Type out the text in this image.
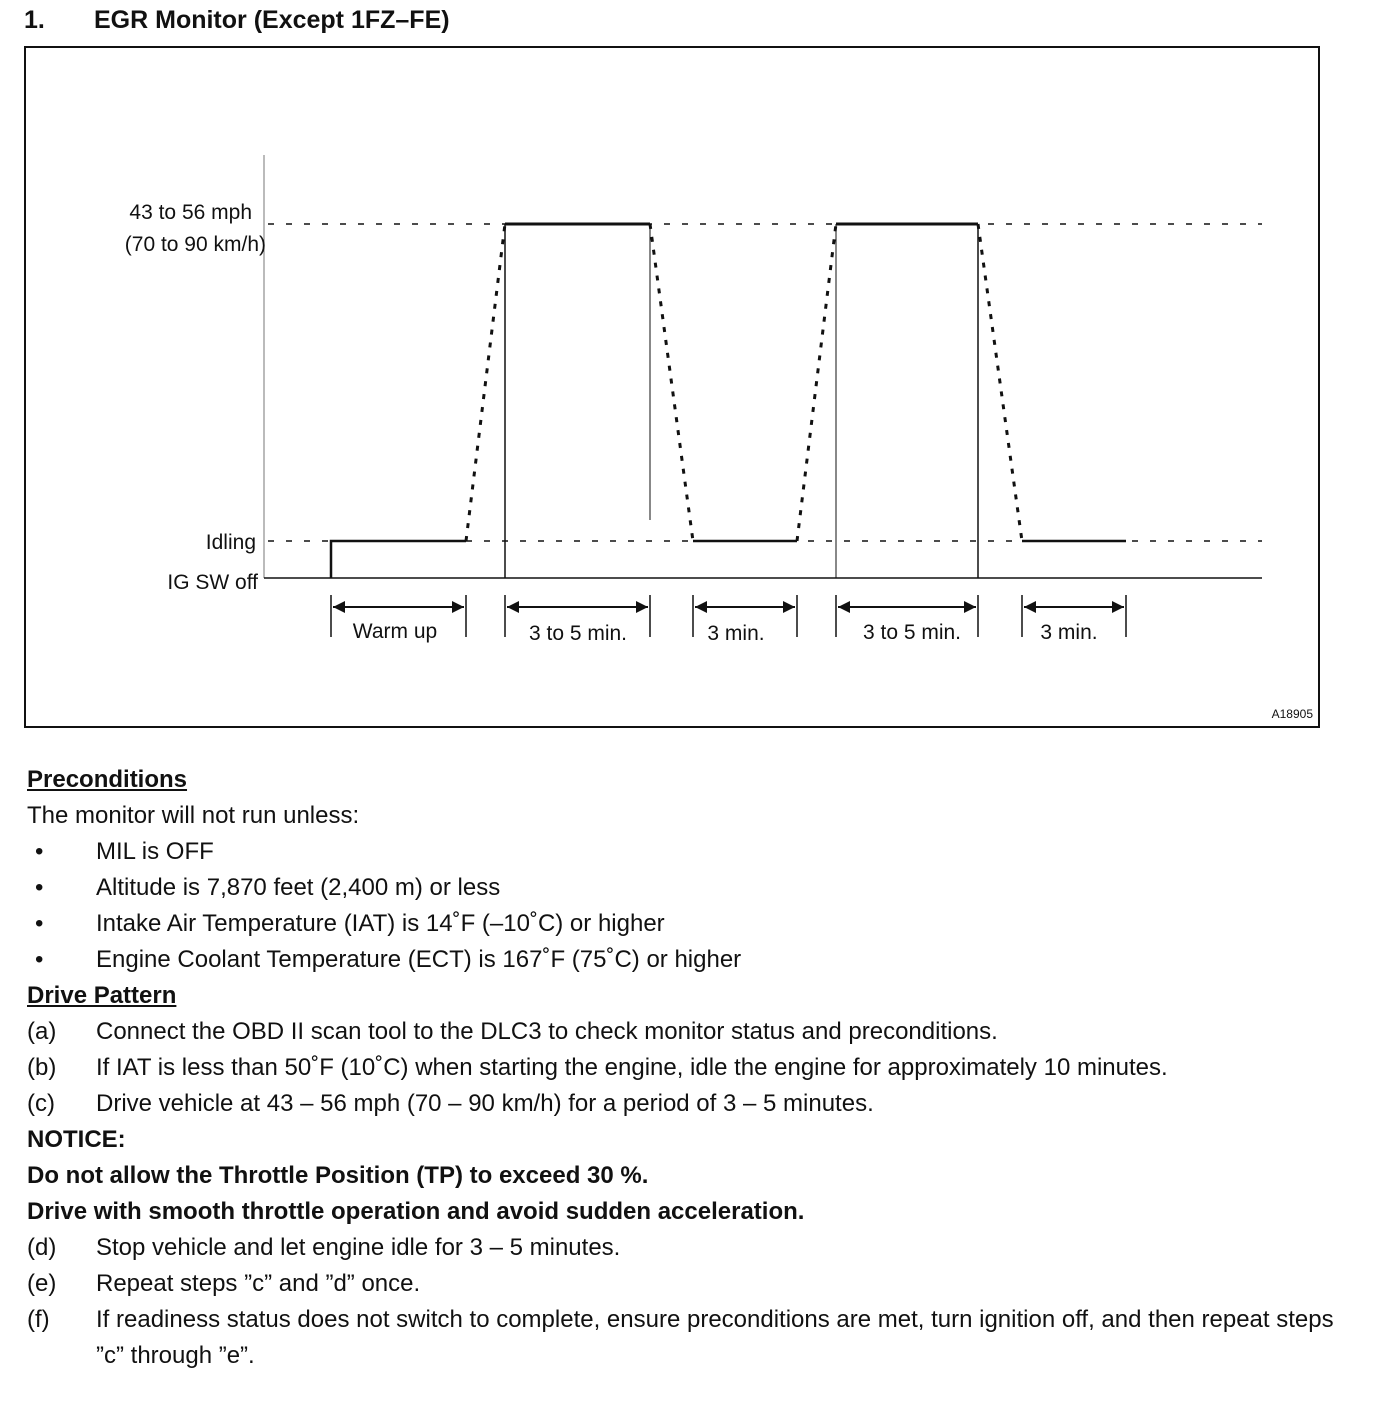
1. EGR Monitor (Except 1FZ–FE)
43 to 56 mph
(70 to 90 km/h)
Idling
IG SW off
Warm up	3 to 5 min.	3 min.	3 to 5 min.	3 min.
A18905
Preconditions
The monitor will not run unless:
•	MIL is OFF
•	Altitude is 7,870 feet (2,400 m) or less
•	Intake Air Temperature (IAT) is 14˚F (–10˚C) or higher
•	Engine Coolant Temperature (ECT) is 167˚F (75˚C) or higher
Drive Pattern
(a)	Connect the OBD II scan tool to the DLC3 to check monitor status and preconditions.
(b)	If IAT is less than 50˚F (10˚C) when starting the engine, idle the engine for approximately 10 minutes.
(c)	Drive vehicle at 43 – 56 mph (70 – 90 km/h) for a period of 3 – 5 minutes.
NOTICE:
Do not allow the Throttle Position (TP) to exceed 30 %.
Drive with smooth throttle operation and avoid sudden acceleration.
(d)	Stop vehicle and let engine idle for 3 – 5 minutes.
(e)	Repeat steps ”c” and ”d” once.
(f)	If readiness status does not switch to complete, ensure preconditions are met, turn ignition off, and then repeat steps ”c” through ”e”.
